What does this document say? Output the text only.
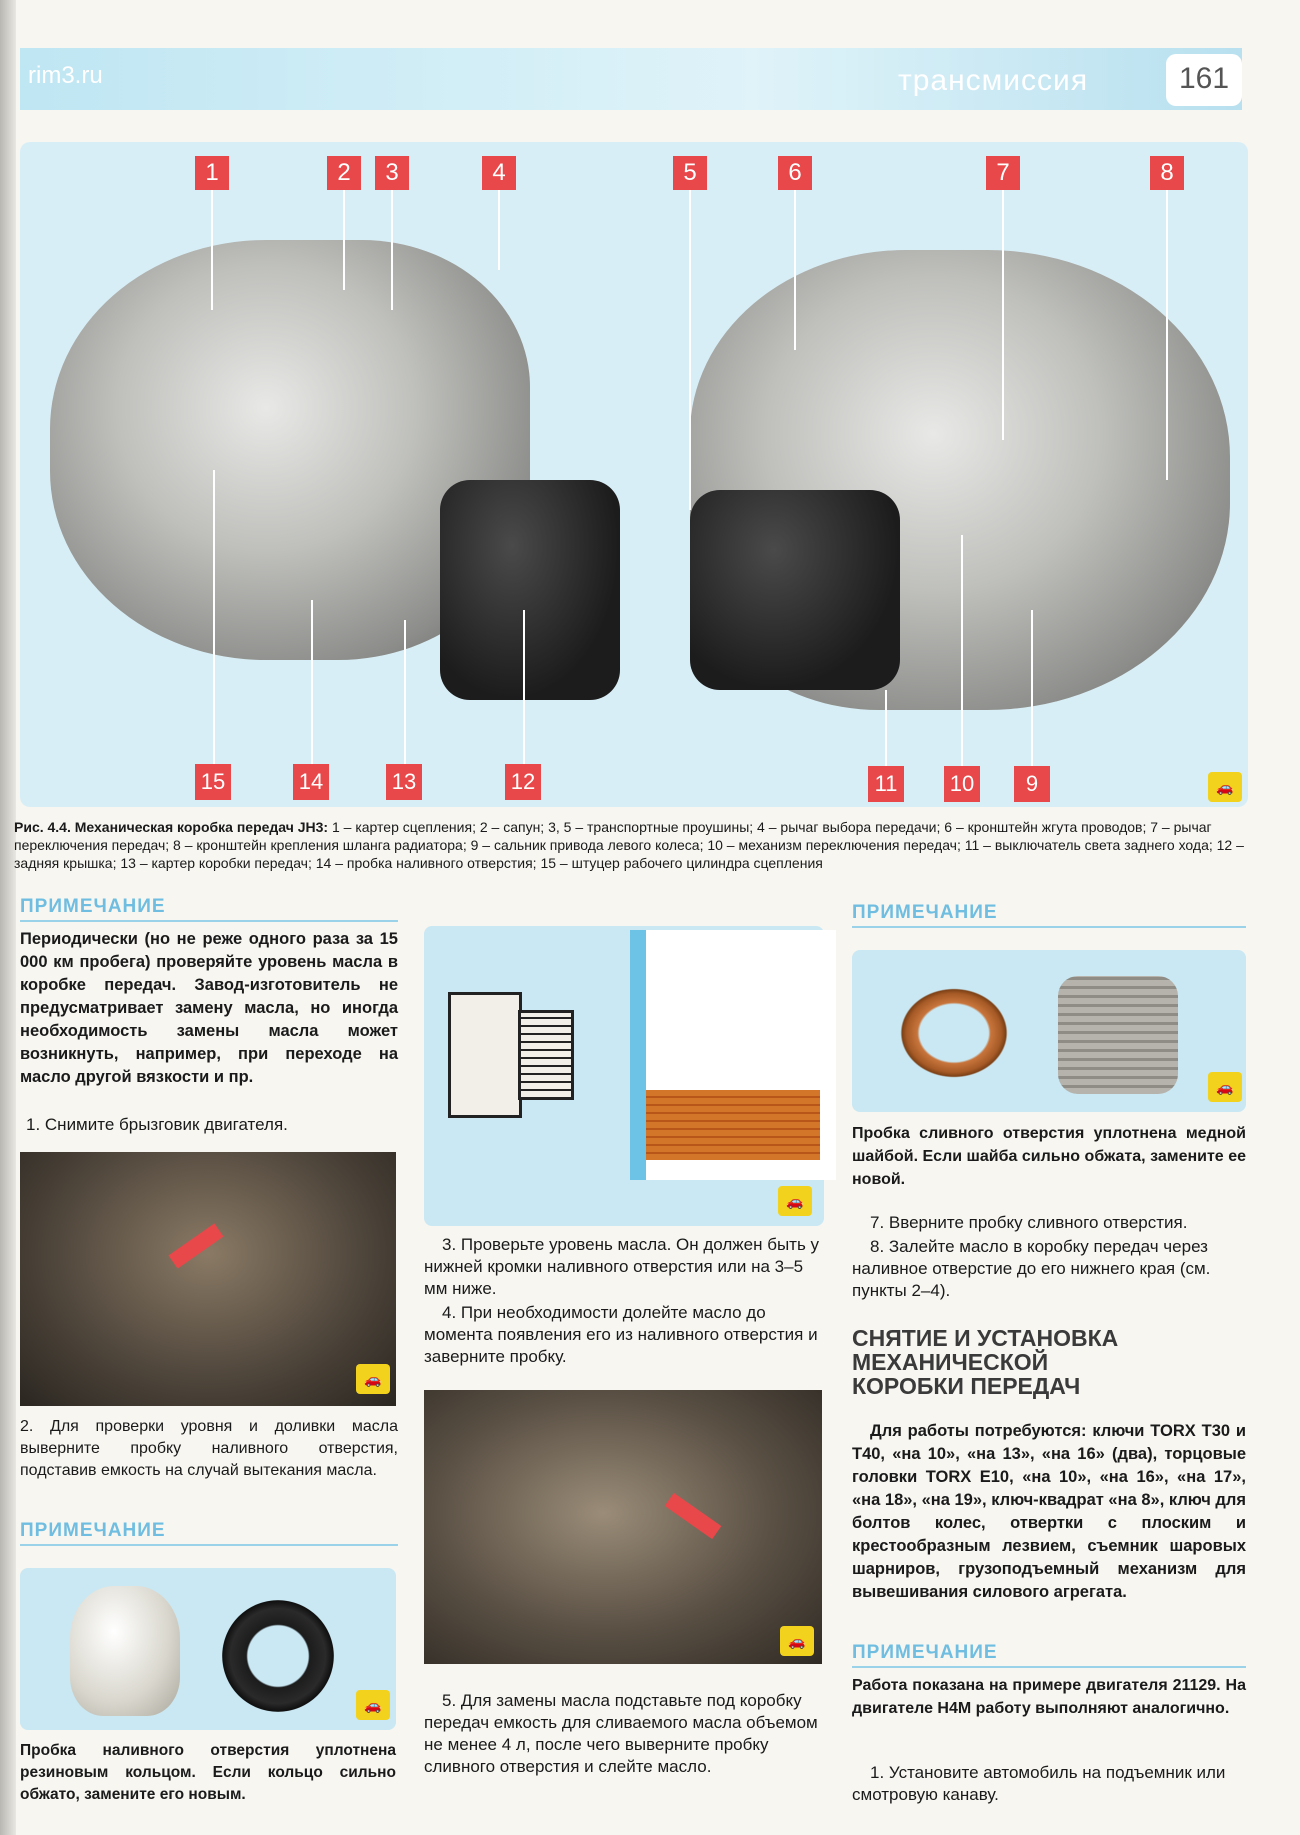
rim3.ru	трансмиссия	161
1	2	3	4	5	6	7	8
9
10
11
12
13
14
15	🚗
Рис. 4.4. Механическая коробка передач JH3: 1 – картер сцепления; 2 – сапун; 3, 5 – транспортные проушины; 4 – рычаг выбора передачи; 6 – кронштейн жгута проводов; 7 – рычаг переключения передач; 8 – кронштейн крепления шланга радиатора; 9 – сальник привода левого колеса; 10 – механизм переключения передач; 11 – выключатель света заднего хода; 12 – задняя крышка; 13 – картер коробки передач; 14 – пробка наливного отверстия; 15 – штуцер рабочего цилиндра сцепления
ПРИМЕЧАНИЕ
Периодически (но не реже одного раза за 15 000 км пробега) проверяйте уровень масла в коробке передач. Завод-изготовитель не предусматривает замену масла, но иногда необходимость замены масла может возникнуть, например, при переходе на масло другой вязкости и пр.
1. Снимите брызговик двигателя.
🚗
2. Для проверки уровня и доливки масла выверните пробку наливного отверстия, подставив емкость на случай вытекания масла.
ПРИМЕЧАНИЕ
🚗
Пробка наливного отверстия уплотнена резиновым кольцом. Если кольцо сильно обжато, замените его новым.
🚗
3. Проверьте уровень масла. Он должен быть у нижней кромки наливного отверстия или на 3–5 мм ниже.
4. При необходимости долейте масло до момента появления его из наливного отверстия и заверните пробку.
🚗
5. Для замены масла подставьте под коробку передач емкость для сливаемого масла объемом не менее 4 л, после чего выверните пробку сливного отверстия и слейте масло.
ПРИМЕЧАНИЕ
🚗
Пробка сливного отверстия уплотнена медной шайбой. Если шайба сильно обжата, замените ее новой.
7. Вверните пробку сливного отверстия.
8. Залейте масло в коробку передач через наливное отверстие до его нижнего края (см. пункты 2–4).
СНЯТИЕ И УСТАНОВКА
МЕХАНИЧЕСКОЙ
КОРОБКИ ПЕРЕДАЧ
Для работы потребуются: ключи TORX T30 и T40, «на 10», «на 13», «на 16» (два), торцовые головки TORX E10, «на 10», «на 16», «на 17», «на 18», «на 19», ключ-квадрат «на 8», ключ для болтов колес, отвертки с плоским и крестообразным лезвием, съемник шаровых шарниров, грузоподъемный механизм для вывешивания силового агрегата.
ПРИМЕЧАНИЕ
Работа показана на примере двигателя 21129. На двигателе H4M работу выполняют аналогично.
1. Установите автомобиль на подъемник или смотровую канаву.
